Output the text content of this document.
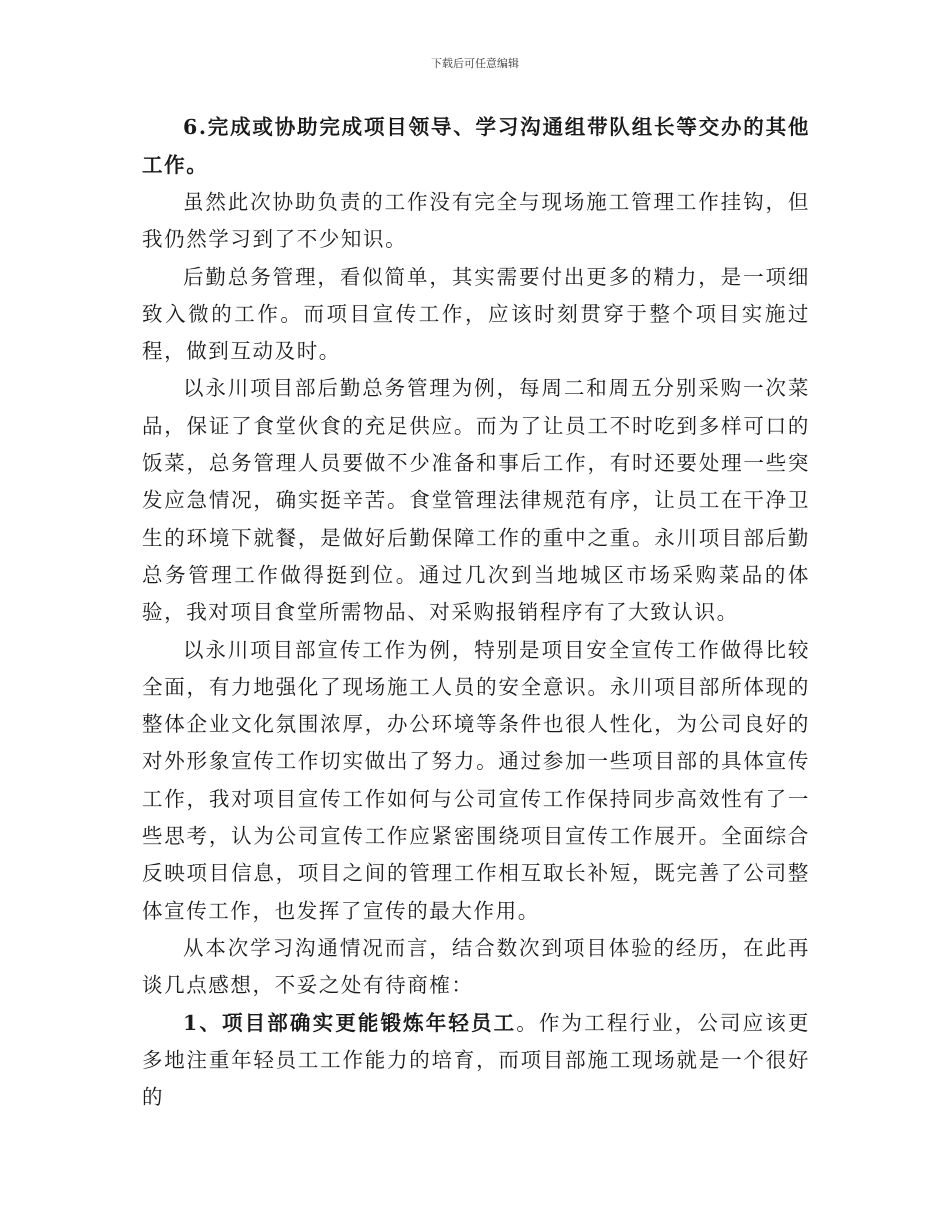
下载后可任意编辑

6.完成或协助完成项目领导、学习沟通组带队组长等交办的其他工作。

虽然此次协助负责的工作没有完全与现场施工管理工作挂钩，但我仍然学习到了不少知识。

后勤总务管理，看似简单，其实需要付出更多的精力，是一项细致入微的工作。而项目宣传工作，应该时刻贯穿于整个项目实施过程，做到互动及时。

以永川项目部后勤总务管理为例，每周二和周五分别采购一次菜品，保证了食堂伙食的充足供应。而为了让员工不时吃到多样可口的饭菜，总务管理人员要做不少准备和事后工作，有时还要处理一些突发应急情况，确实挺辛苦。食堂管理法律规范有序，让员工在干净卫生的环境下就餐，是做好后勤保障工作的重中之重。永川项目部后勤总务管理工作做得挺到位。通过几次到当地城区市场采购菜品的体验，我对项目食堂所需物品、对采购报销程序有了大致认识。

以永川项目部宣传工作为例，特别是项目安全宣传工作做得比较全面，有力地强化了现场施工人员的安全意识。永川项目部所体现的整体企业文化氛围浓厚，办公环境等条件也很人性化，为公司良好的对外形象宣传工作切实做出了努力。通过参加一些项目部的具体宣传工作，我对项目宣传工作如何与公司宣传工作保持同步高效性有了一些思考，认为公司宣传工作应紧密围绕项目宣传工作展开。全面综合反映项目信息，项目之间的管理工作相互取长补短，既完善了公司整体宣传工作，也发挥了宣传的最大作用。

从本次学习沟通情况而言，结合数次到项目体验的经历，在此再谈几点感想，不妥之处有待商榷：

1、项目部确实更能锻炼年轻员工。作为工程行业，公司应该更多地注重年轻员工工作能力的培育，而项目部施工现场就是一个很好的
